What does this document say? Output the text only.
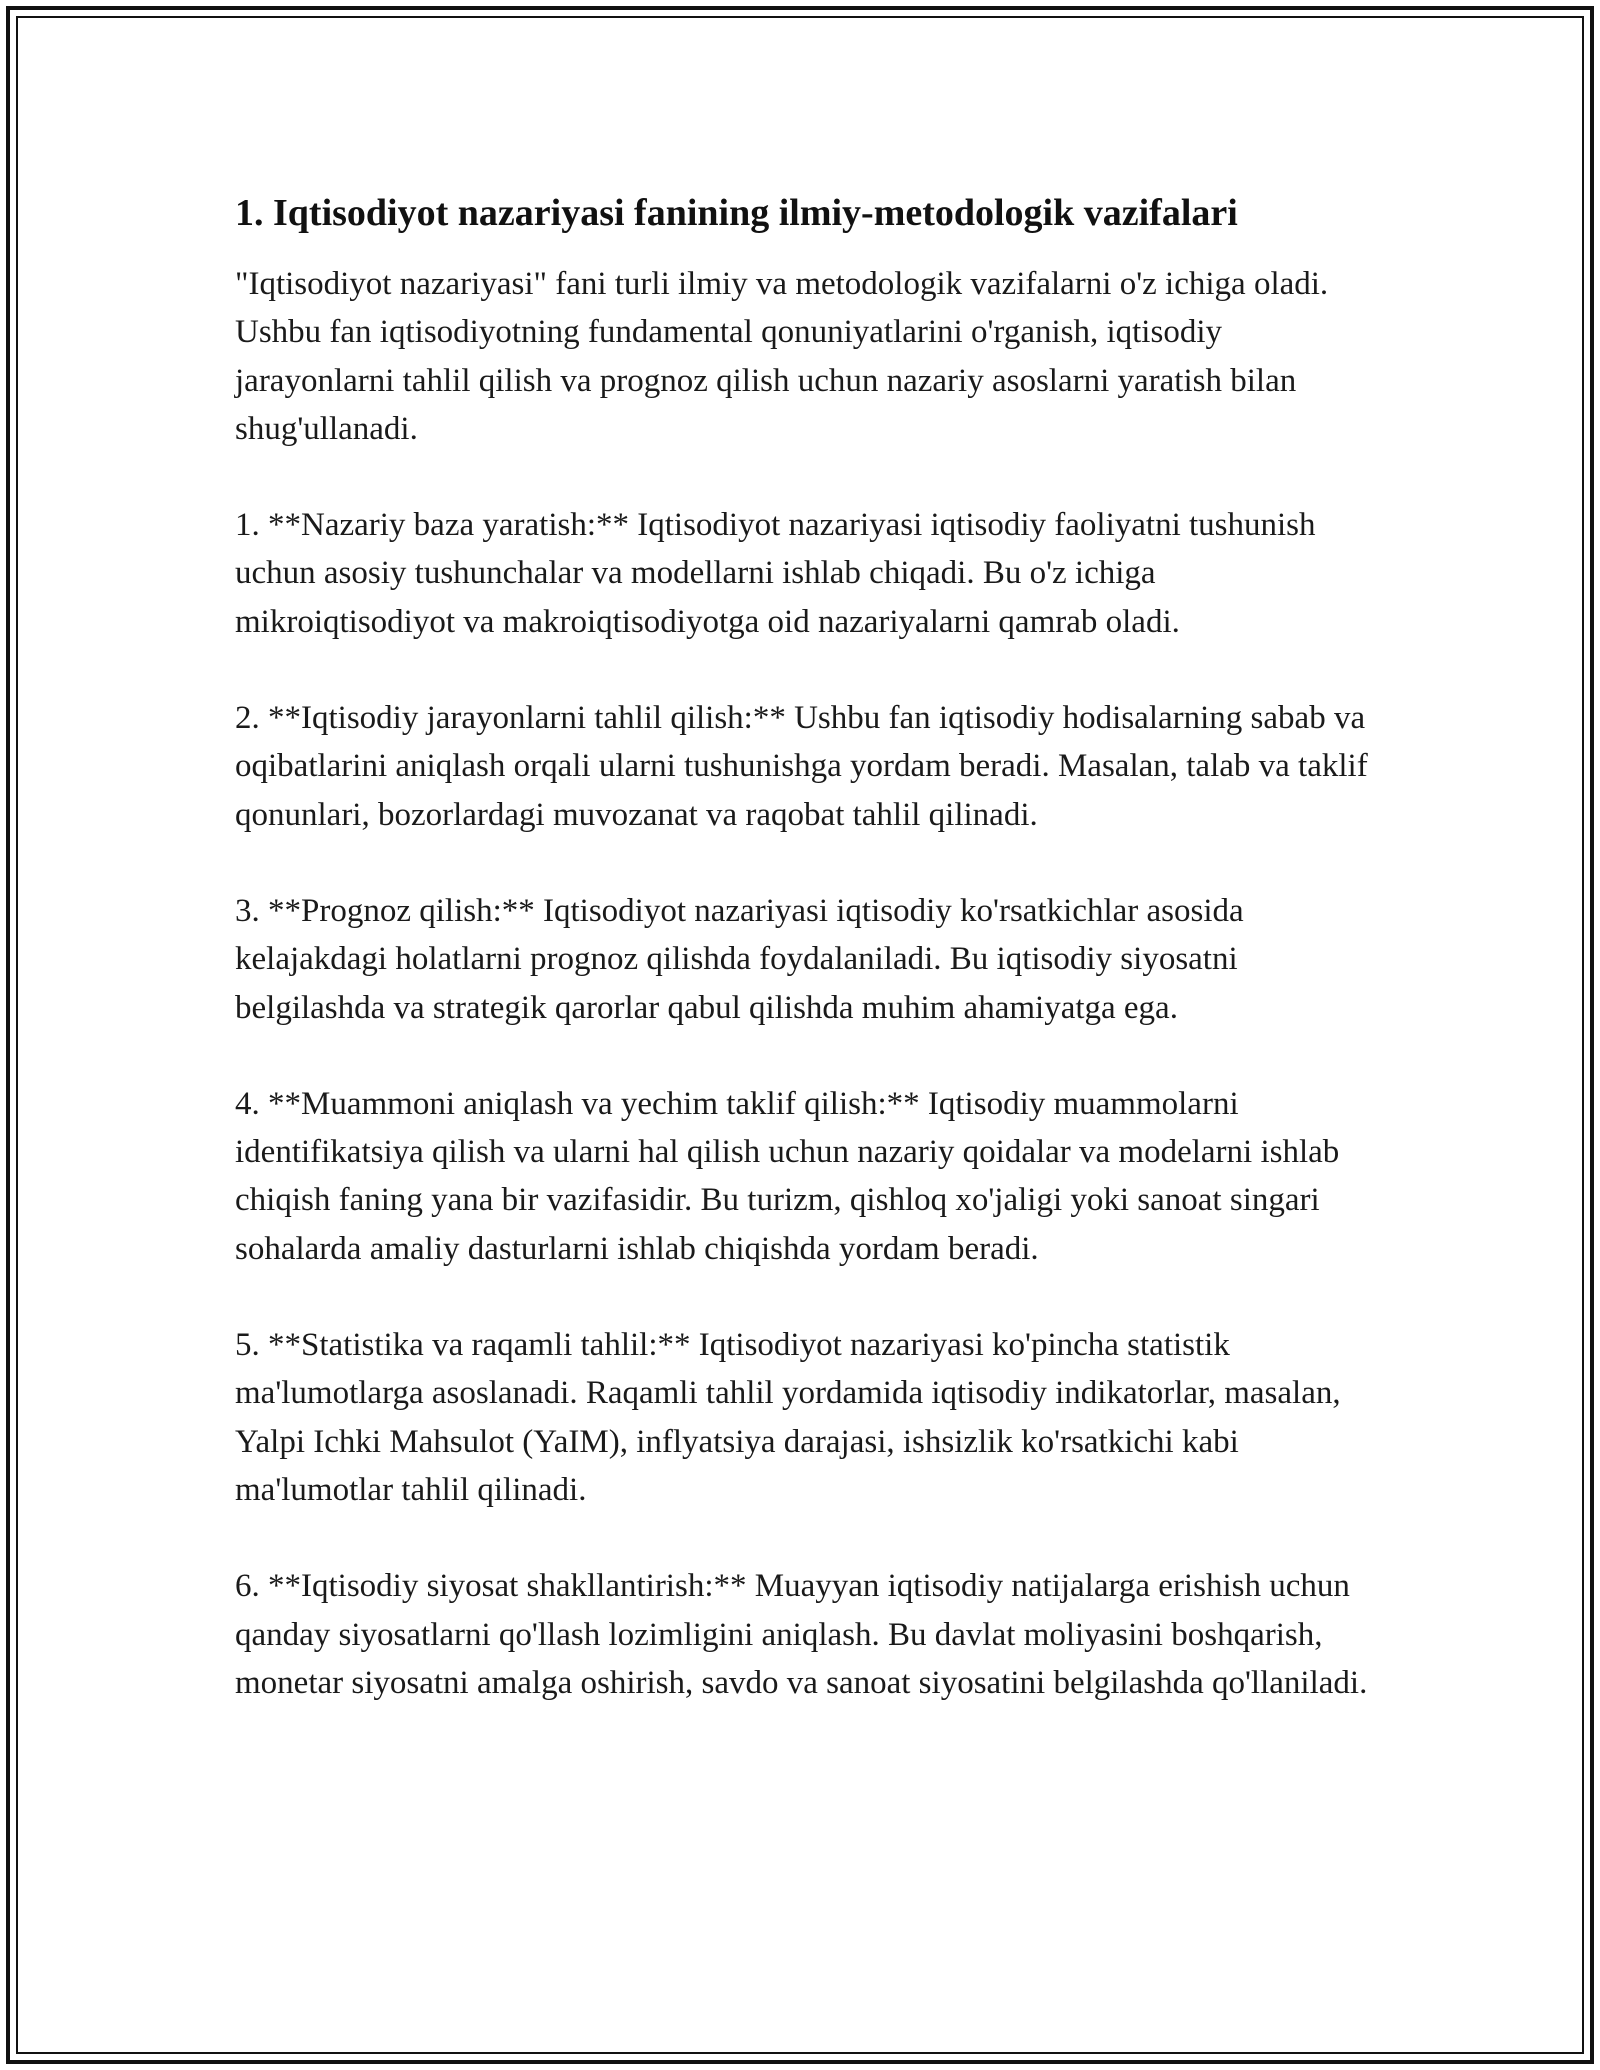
1. Iqtisodiyot nazariyasi fanining ilmiy-metodologik vazifalari

"Iqtisodiyot nazariyasi" fani turli ilmiy va metodologik vazifalarni o'z ichiga oladi. Ushbu fan iqtisodiyotning fundamental qonuniyatlarini o'rganish, iqtisodiy jarayonlarni tahlil qilish va prognoz qilish uchun nazariy asoslarni yaratish bilan shug'ullanadi.

1. **Nazariy baza yaratish:** Iqtisodiyot nazariyasi iqtisodiy faoliyatni tushunish uchun asosiy tushunchalar va modellarni ishlab chiqadi. Bu o'z ichiga mikroiqtisodiyot va makroiqtisodiyotga oid nazariyalarni qamrab oladi.

2. **Iqtisodiy jarayonlarni tahlil qilish:** Ushbu fan iqtisodiy hodisalarning sabab va oqibatlarini aniqlash orqali ularni tushunishga yordam beradi. Masalan, talab va taklif qonunlari, bozorlardagi muvozanat va raqobat tahlil qilinadi.

3. **Prognoz qilish:** Iqtisodiyot nazariyasi iqtisodiy ko'rsatkichlar asosida kelajakdagi holatlarni prognoz qilishda foydalaniladi. Bu iqtisodiy siyosatni belgilashda va strategik qarorlar qabul qilishda muhim ahamiyatga ega.

4. **Muammoni aniqlash va yechim taklif qilish:** Iqtisodiy muammolarni identifikatsiya qilish va ularni hal qilish uchun nazariy qoidalar va modelarni ishlab chiqish faning yana bir vazifasidir. Bu turizm, qishloq xo'jaligi yoki sanoat singari sohalarda amaliy dasturlarni ishlab chiqishda yordam beradi.

5. **Statistika va raqamli tahlil:** Iqtisodiyot nazariyasi ko'pincha statistik ma'lumotlarga asoslanadi. Raqamli tahlil yordamida iqtisodiy indikatorlar, masalan, Yalpi Ichki Mahsulot (YaIM), inflyatsiya darajasi, ishsizlik ko'rsatkichi kabi ma'lumotlar tahlil qilinadi.

6. **Iqtisodiy siyosat shakllantirish:** Muayyan iqtisodiy natijalarga erishish uchun qanday siyosatlarni qo'llash lozimligini aniqlash. Bu davlat moliyasini boshqarish, monetar siyosatni amalga oshirish, savdo va sanoat siyosatini belgilashda qo'llaniladi.
